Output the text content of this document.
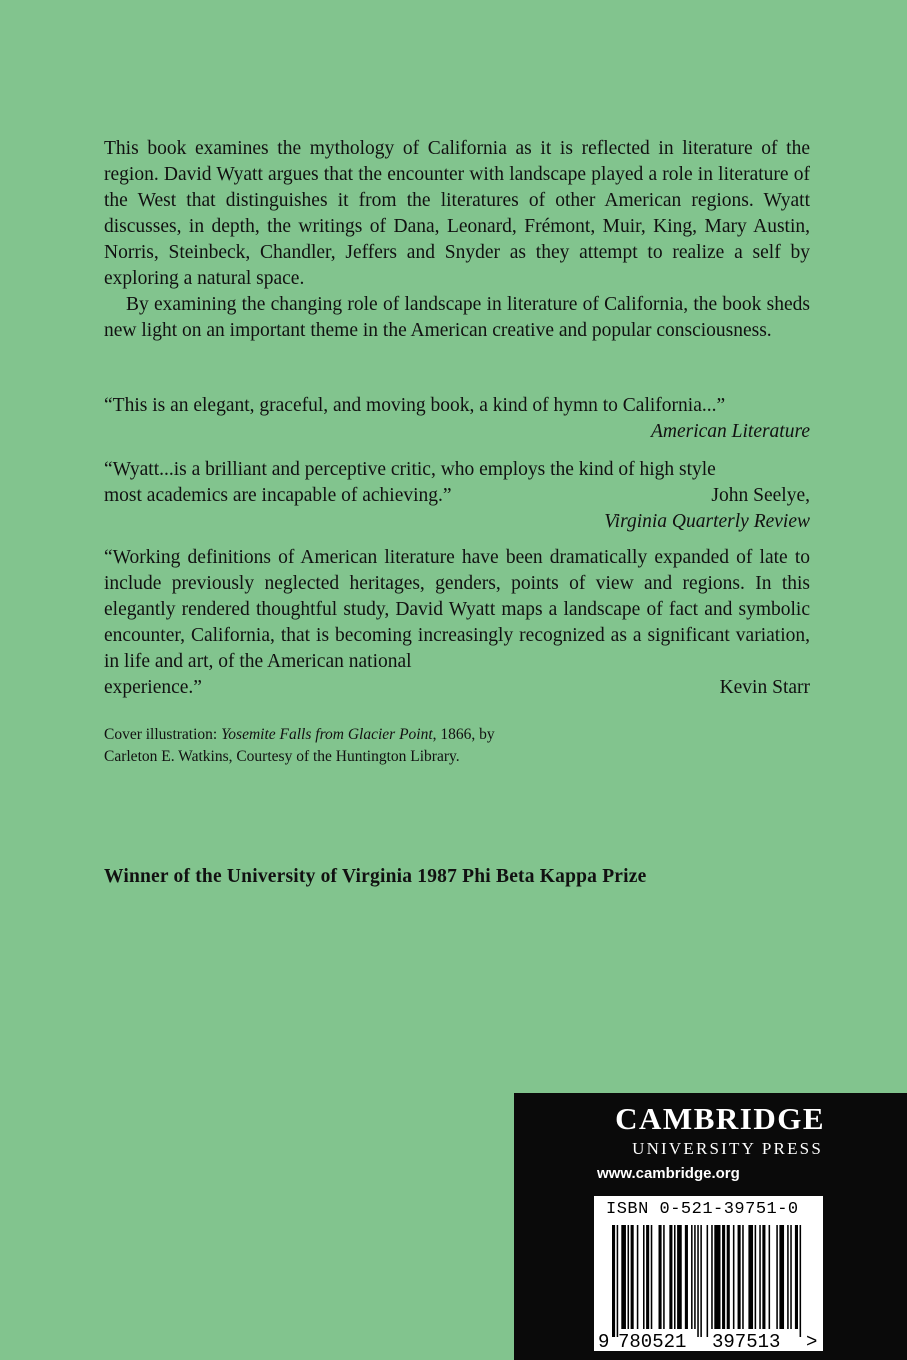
This book examines the mythology of California as it is reflected in literature of the region. David Wyatt argues that the encounter with landscape played a role in literature of the West that distinguishes it from the literatures of other American regions. Wyatt discusses, in depth, the writings of Dana, Leonard, Frémont, Muir, King, Mary Austin, Norris, Steinbeck, Chandler, Jeffers and Snyder as they attempt to realize a self by exploring a natural space.

By examining the changing role of landscape in literature of California, the book sheds new light on an important theme in the American creative and popular consciousness.

“This is an elegant, graceful, and moving book, a kind of hymn to California...”
American Literature
“Wyatt...is a brilliant and perceptive critic, who employs the kind of high style
most academics are incapable of achieving.”	John Seelye,
Virginia Quarterly Review
“Working definitions of American literature have been dramatically expanded of late to include previously neglected heritages, genders, points of view and regions. In this elegantly rendered thoughtful study, David Wyatt maps a landscape of fact and symbolic encounter, California, that is becoming increasingly recognized as a significant variation, in life and art, of the American national
experience.”	Kevin Starr

Cover illustration: Yosemite Falls from Glacier Point, 1866, by
Carleton E. Watkins, Courtesy of the Huntington Library.

Winner of the University of Virginia 1987 Phi Beta Kappa Prize

CAMBRIDGE

UNIVERSITY PRESS

www.cambridge.org

ISBN 0-521-39751-0

9 780521 397513 >
